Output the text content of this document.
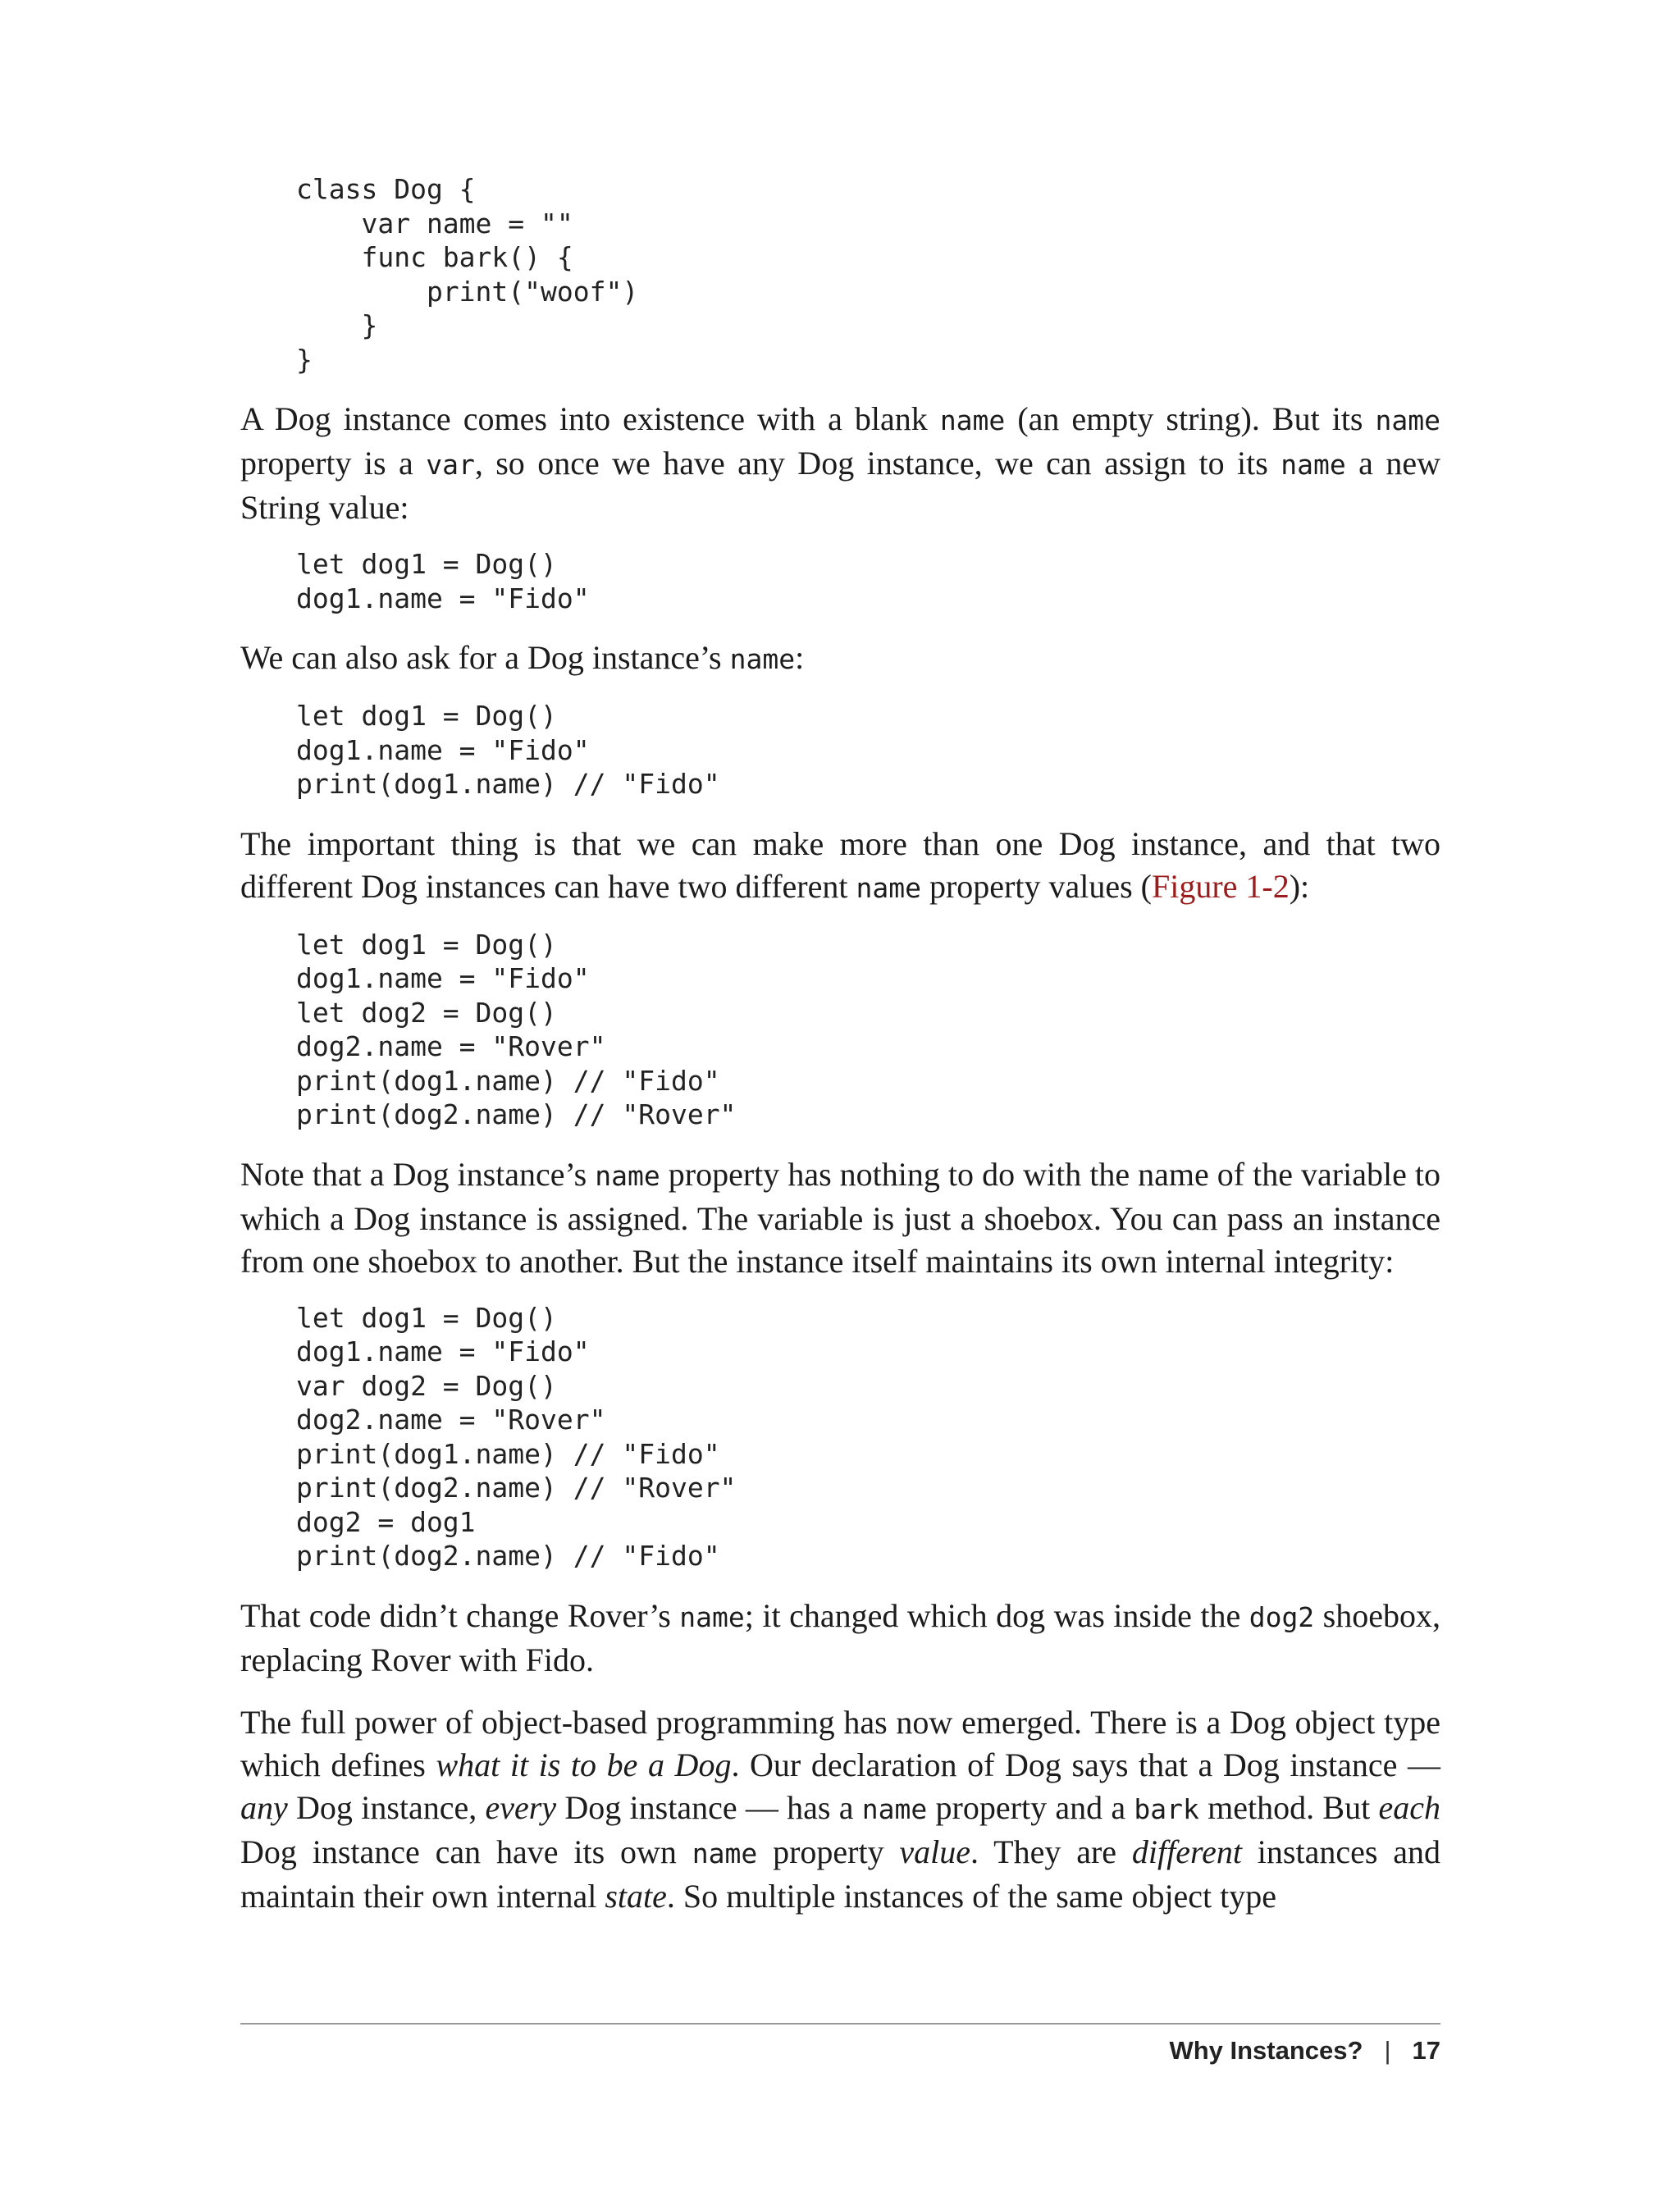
class Dog {
var name = ""
func bark() {
print("woof")
}
}

A Dog instance comes into existence with a blank name (an empty string). But its name property is a var, so once we have any Dog instance, we can assign to its name a new String value:

let dog1 = Dog()
dog1.name = "Fido"

We can also ask for a Dog instance’s name:

let dog1 = Dog()
dog1.name = "Fido"
print(dog1.name) // "Fido"

The important thing is that we can make more than one Dog instance, and that two different Dog instances can have two different name property values (Figure 1-2):

let dog1 = Dog()
dog1.name = "Fido"
let dog2 = Dog()
dog2.name = "Rover"
print(dog1.name) // "Fido"
print(dog2.name) // "Rover"

Note that a Dog instance’s name property has nothing to do with the name of the variable to which a Dog instance is assigned. The variable is just a shoebox. You can pass an instance from one shoebox to another. But the instance itself maintains its own internal integrity:

let dog1 = Dog()
dog1.name = "Fido"
var dog2 = Dog()
dog2.name = "Rover"
print(dog1.name) // "Fido"
print(dog2.name) // "Rover"
dog2 = dog1
print(dog2.name) // "Fido"

That code didn’t change Rover’s name; it changed which dog was inside the dog2 shoebox, replacing Rover with Fido.

The full power of object-based programming has now emerged. There is a Dog object type which defines what it is to be a Dog. Our declaration of Dog says that a Dog instance — any Dog instance, every Dog instance — has a name property and a bark method. But each Dog instance can have its own name property value. They are different instances and maintain their own internal state. So multiple instances of the same object type

Why Instances? | 17
